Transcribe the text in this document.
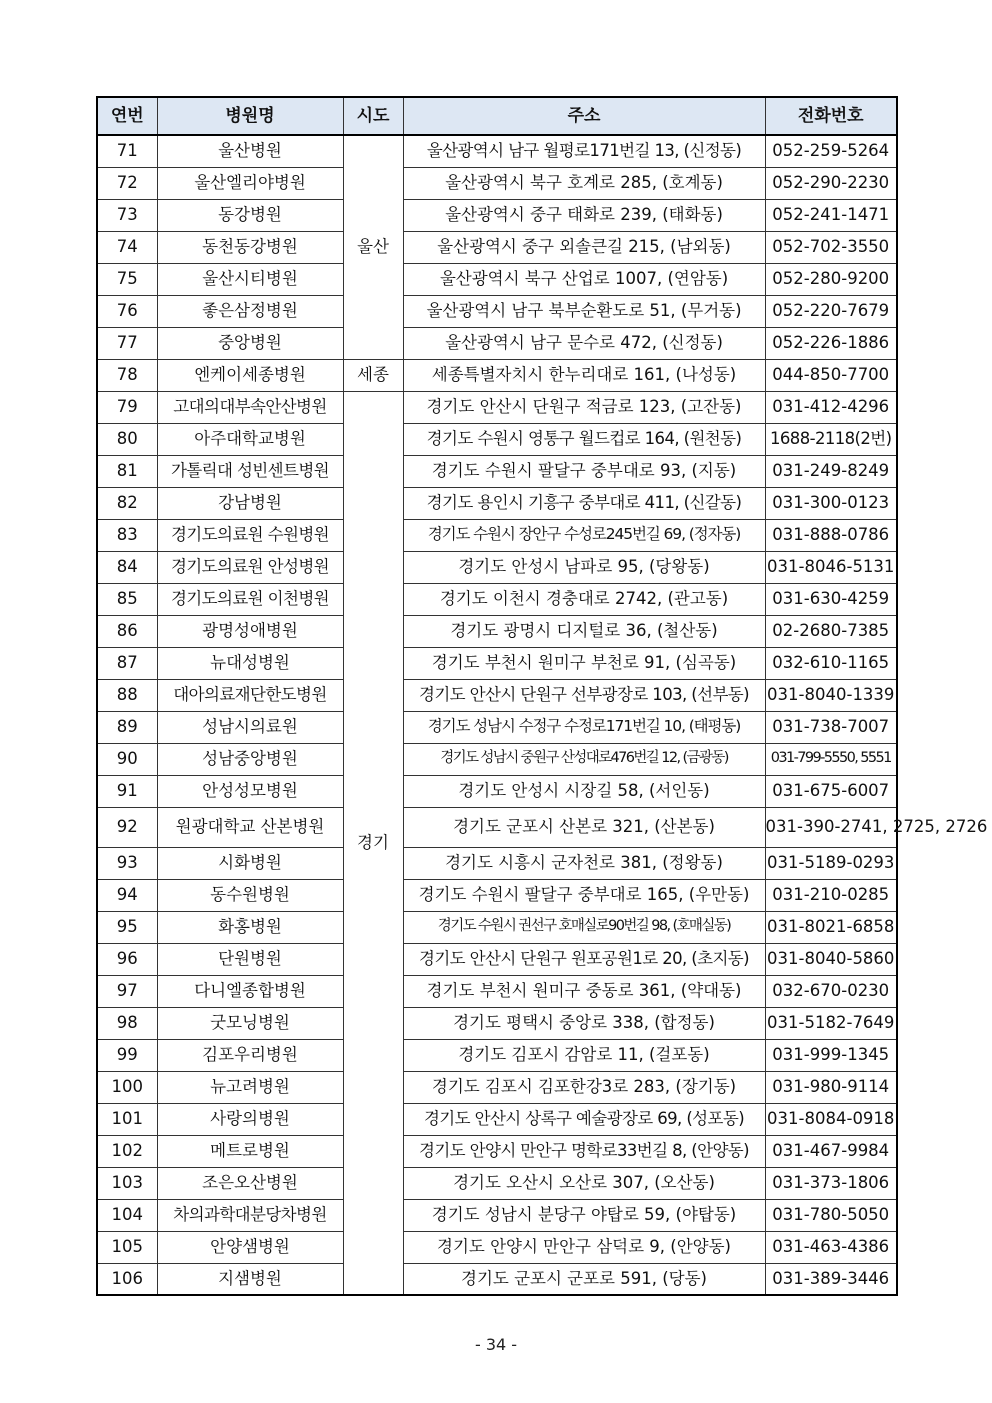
연번	병원명	시도	주소	전화번호
71	울산병원	울산	울산광역시 남구 월평로171번길 13, (신정동)	052-259-5264
72	울산엘리야병원		울산광역시 북구 호계로 285, (호계동)	052-290-2230
73	동강병원		울산광역시 중구 태화로 239, (태화동)	052-241-1471
74	동천동강병원		울산광역시 중구 외솔큰길 215, (남외동)	052-702-3550
75	울산시티병원		울산광역시 북구 산업로 1007, (연암동)	052-280-9200
76	좋은삼정병원		울산광역시 남구 북부순환도로 51, (무거동)	052-220-7679
77	중앙병원		울산광역시 남구 문수로 472, (신정동)	052-226-1886
78	엔케이세종병원	세종	세종특별자치시 한누리대로 161, (나성동)	044-850-7700
79	고대의대부속안산병원	경기	경기도 안산시 단원구 적금로 123, (고잔동)	031-412-4296
80	아주대학교병원		경기도 수원시 영통구 월드컵로 164, (원천동)	1688-2118(2번)
81	가톨릭대 성빈센트병원		경기도 수원시 팔달구 중부대로 93, (지동)	031-249-8249
82	강남병원		경기도 용인시 기흥구 중부대로 411, (신갈동)	031-300-0123
83	경기도의료원 수원병원		경기도 수원시 장안구 수성로245번길 69, (정자동)	031-888-0786
84	경기도의료원 안성병원		경기도 안성시 남파로 95, (당왕동)	031-8046-5131
85	경기도의료원 이천병원		경기도 이천시 경충대로 2742, (관고동)	031-630-4259
86	광명성애병원		경기도 광명시 디지털로 36, (철산동)	02-2680-7385
87	뉴대성병원		경기도 부천시 원미구 부천로 91, (심곡동)	032-610-1165
88	대아의료재단한도병원		경기도 안산시 단원구 선부광장로 103, (선부동)	031-8040-1339
89	성남시의료원		경기도 성남시 수정구 수정로171번길 10, (태평동)	031-738-7007
90	성남중앙병원		경기도 성남시 중원구 산성대로476번길 12, (금광동)	031-799-5550, 5551
91	안성성모병원		경기도 안성시 시장길 58, (서인동)	031-675-6007
92	원광대학교 산본병원		경기도 군포시 산본로 321, (산본동)	031-390-2741, 2725, 2726
93	시화병원		경기도 시흥시 군자천로 381, (정왕동)	031-5189-0293
94	동수원병원		경기도 수원시 팔달구 중부대로 165, (우만동)	031-210-0285
95	화홍병원		경기도 수원시 권선구 호매실로90번길 98, (호매실동)	031-8021-6858
96	단원병원		경기도 안산시 단원구 원포공원1로 20, (초지동)	031-8040-5860
97	다니엘종합병원		경기도 부천시 원미구 중동로 361, (약대동)	032-670-0230
98	굿모닝병원		경기도 평택시 중앙로 338, (합정동)	031-5182-7649
99	김포우리병원		경기도 김포시 감암로 11, (걸포동)	031-999-1345
100	뉴고려병원		경기도 김포시 김포한강3로 283, (장기동)	031-980-9114
101	사랑의병원		경기도 안산시 상록구 예술광장로 69, (성포동)	031-8084-0918
102	메트로병원		경기도 안양시 만안구 명학로33번길 8, (안양동)	031-467-9984
103	조은오산병원		경기도 오산시 오산로 307, (오산동)	031-373-1806
104	차의과학대분당차병원		경기도 성남시 분당구 야탑로 59, (야탑동)	031-780-5050
105	안양샘병원		경기도 안양시 만안구 삼덕로 9, (안양동)	031-463-4386
106	지샘병원		경기도 군포시 군포로 591, (당동)	031-389-3446
- 34 -
